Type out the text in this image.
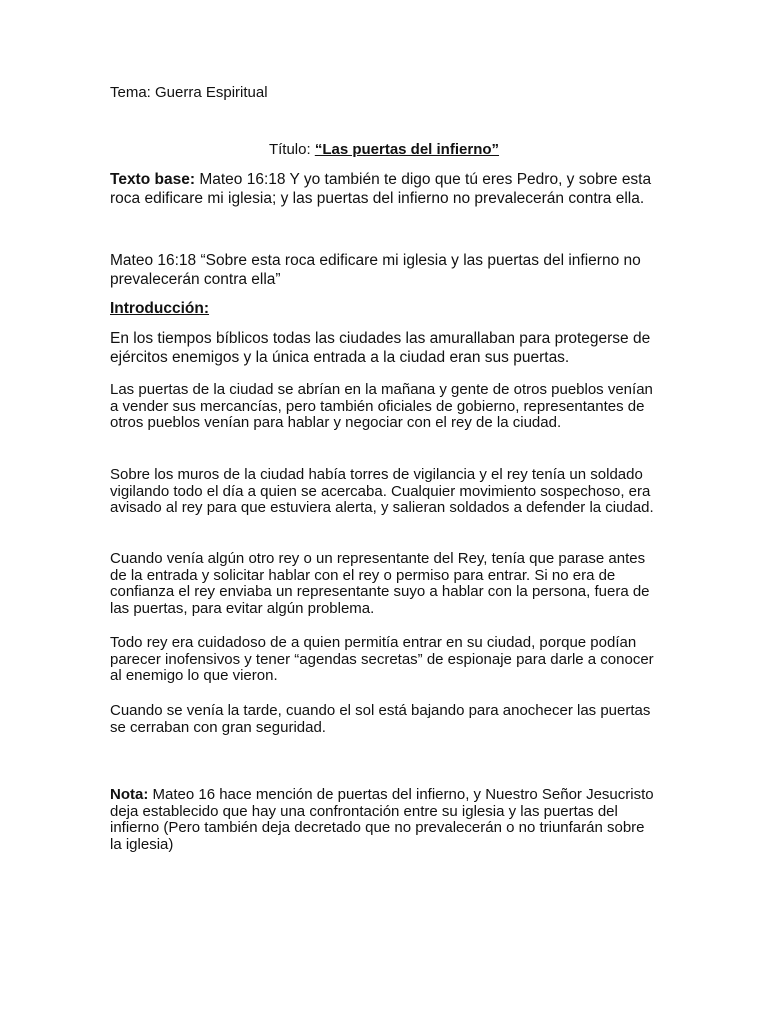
Tema: Guerra Espiritual

Título: “Las puertas del infierno”

Texto base: Mateo 16:18 Y yo también te digo que tú eres Pedro, y sobre esta roca edificare mi iglesia; y las puertas del infierno no prevalecerán contra ella.

Mateo 16:18 “Sobre esta roca edificare mi iglesia y las puertas del infierno no prevalecerán contra ella”

Introducción:

En los tiempos bíblicos todas las ciudades las amurallaban para protegerse de ejércitos enemigos y la única entrada a la ciudad eran sus puertas.

Las puertas de la ciudad se abrían en la mañana y gente de otros pueblos venían a vender sus mercancías, pero también oficiales de gobierno, representantes de otros pueblos venían para hablar y negociar con el rey de la ciudad.

Sobre los muros de la ciudad había torres de vigilancia y el rey tenía un soldado vigilando todo el día a quien se acercaba. Cualquier movimiento sospechoso, era avisado al rey para que estuviera alerta, y salieran soldados a defender la ciudad.

Cuando venía algún otro rey o un representante del Rey, tenía que parase antes de la entrada y solicitar hablar con el rey o permiso para entrar. Si no era de confianza el rey enviaba un representante suyo a hablar con la persona, fuera de las puertas, para evitar algún problema.

Todo rey era cuidadoso de a quien permitía entrar en su ciudad, porque podían parecer inofensivos y tener “agendas secretas” de espionaje para darle a conocer al enemigo lo que vieron.

Cuando se venía la tarde, cuando el sol está bajando para anochecer las puertas se cerraban con gran seguridad.

Nota: Mateo 16 hace mención de puertas del infierno, y Nuestro Señor Jesucristo deja establecido que hay una confrontación entre su iglesia y las puertas del infierno (Pero también deja decretado que no prevalecerán o no triunfarán sobre la iglesia)
